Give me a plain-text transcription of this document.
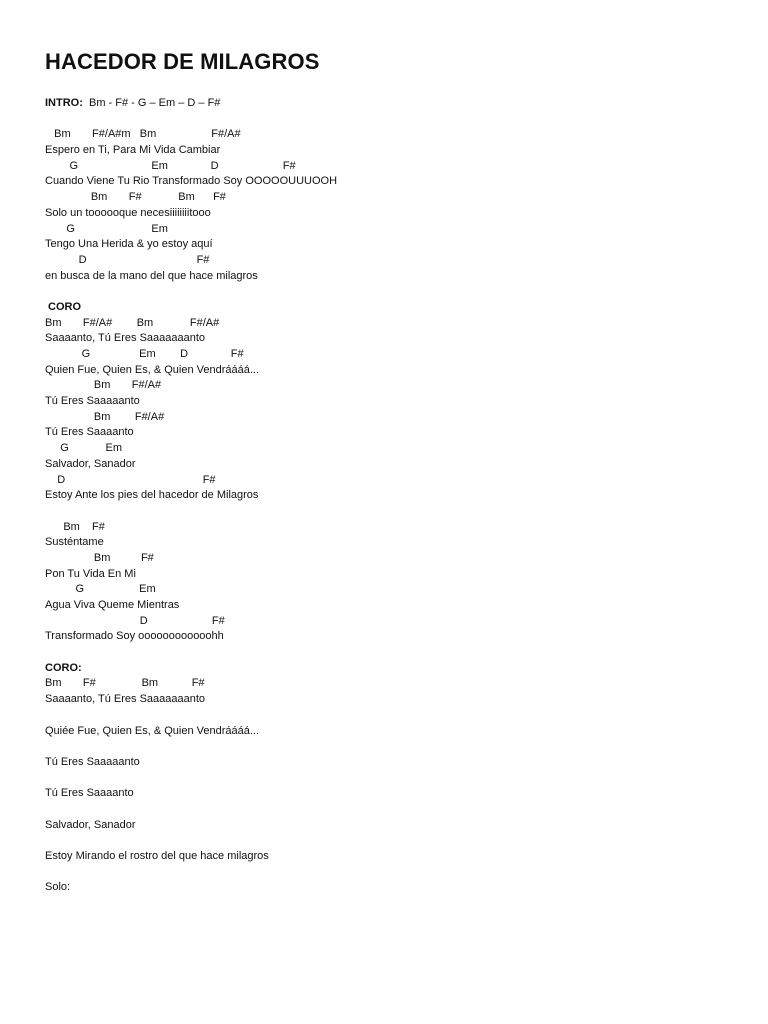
HACEDOR DE MILAGROS
INTRO:  Bm - F# - G – Em – D – F#
Bm       F#/A#m   Bm                  F#/A#
Espero en Ti, Para Mi Vida Cambiar
G                        Em              D                     F#
Cuando Viene Tu Rio Transformado Soy OOOOOUUUOOH
Bm       F#            Bm      F#
Solo un toooooque necesiiiiiiiitooo
G                         Em
Tengo Una Herida & yo estoy aquí
D                                    F#
en busca de la mano del que hace milagros
CORO
Bm       F#/A#        Bm            F#/A#
Saaaanto, Tú Eres Saaaaaaanto
G                Em        D              F#
Quien Fue, Quien Es, & Quien Vendráááá...
Bm       F#/A#
Tú Eres Saaaaanto
Bm        F#/A#
Tú Eres Saaaanto
G            Em
Salvador, Sanador
D                                             F#
Estoy Ante los pies del hacedor de Milagros
Bm    F#
Susténtame
Bm          F#
Pon Tu Vida En Mi
G                  Em
Agua Viva Queme Mientras
D                     F#
Transformado Soy oooooooooooohh
CORO:
Bm       F#               Bm           F#
Saaaanto, Tú Eres Saaaaaaanto
Quiée Fue, Quien Es, & Quien Vendráááá...
Tú Eres Saaaaanto
Tú Eres Saaaanto
Salvador, Sanador
Estoy Mirando el rostro del que hace milagros
Solo:
